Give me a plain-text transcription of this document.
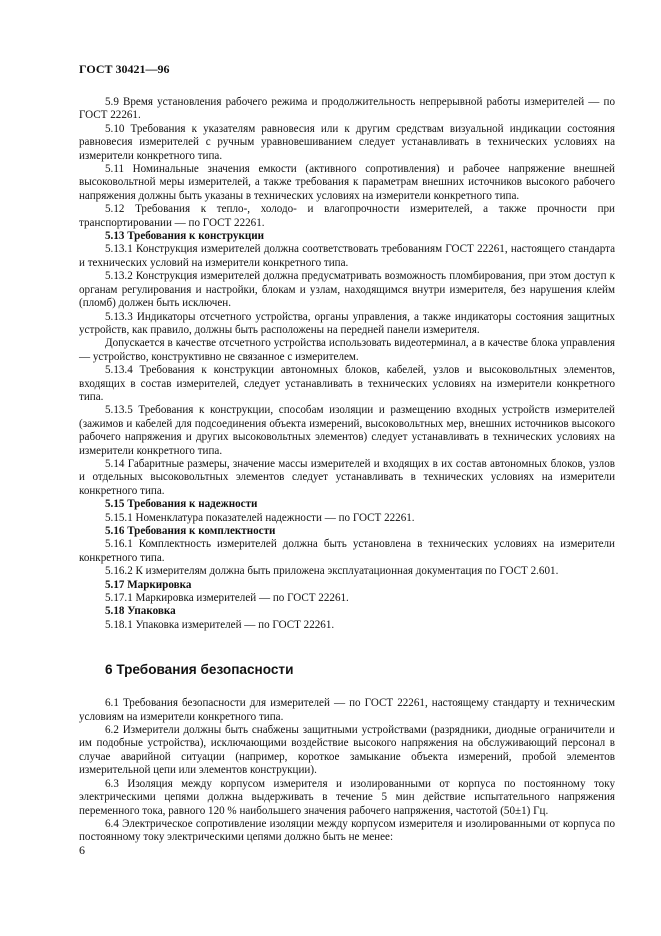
ГОСТ 30421—96

5.9 Время установления рабочего режима и продолжительность непрерывной работы измерителей — по ГОСТ 22261.

5.10 Требования к указателям равновесия или к другим средствам визуальной индикации состояния равновесия измерителей с ручным уравновешиванием следует устанавливать в технических условиях на измерители конкретного типа.

5.11 Номинальные значения емкости (активного сопротивления) и рабочее напряжение внешней высоковольтной меры измерителей, а также требования к параметрам внешних источников высокого рабочего напряжения должны быть указаны в технических условиях на измерители конкретного типа.

5.12 Требования к тепло-, холодо- и влагопрочности измерителей, а также прочности при транспортировании — по ГОСТ 22261.

5.13 Требования к конструкции

5.13.1 Конструкция измерителей должна соответствовать требованиям ГОСТ 22261, настоящего стандарта и технических условий на измерители конкретного типа.

5.13.2 Конструкция измерителей должна предусматривать возможность пломбирования, при этом доступ к органам регулирования и настройки, блокам и узлам, находящимся внутри измерителя, без нарушения клейм (пломб) должен быть исключен.

5.13.3 Индикаторы отсчетного устройства, органы управления, а также индикаторы состояния защитных устройств, как правило, должны быть расположены на передней панели измерителя.

Допускается в качестве отсчетного устройства использовать видеотерминал, а в качестве блока управления — устройство, конструктивно не связанное с измерителем.

5.13.4 Требования к конструкции автономных блоков, кабелей, узлов и высоковольтных элементов, входящих в состав измерителей, следует устанавливать в технических условиях на измерители конкретного типа.

5.13.5 Требования к конструкции, способам изоляции и размещению входных устройств измерителей (зажимов и кабелей для подсоединения объекта измерений, высоковольтных мер, внешних источников высокого рабочего напряжения и других высоковольтных элементов) следует устанавливать в технических условиях на измерители конкретного типа.

5.14 Габаритные размеры, значение массы измерителей и входящих в их состав автономных блоков, узлов и отдельных высоковольтных элементов следует устанавливать в технических условиях на измерители конкретного типа.

5.15 Требования к надежности

5.15.1 Номенклатура показателей надежности — по ГОСТ 22261.

5.16 Требования к комплектности

5.16.1 Комплектность измерителей должна быть установлена в технических условиях на измерители конкретного типа.

5.16.2 К измерителям должна быть приложена эксплуатационная документация по ГОСТ 2.601.

5.17 Маркировка

5.17.1 Маркировка измерителей — по ГОСТ 22261.

5.18 Упаковка

5.18.1 Упаковка измерителей — по ГОСТ 22261.

6 Требования безопасности

6.1 Требования безопасности для измерителей — по ГОСТ 22261, настоящему стандарту и техническим условиям на измерители конкретного типа.

6.2 Измерители должны быть снабжены защитными устройствами (разрядники, диодные ограничители и им подобные устройства), исключающими воздействие высокого напряжения на обслуживающий персонал в случае аварийной ситуации (например, короткое замыкание объекта измерений, пробой элементов измерительной цепи или элементов конструкции).

6.3 Изоляция между корпусом измерителя и изолированными от корпуса по постоянному току электрическими цепями должна выдерживать в течение 5 мин действие испытательного напряжения переменного тока, равного 120 % наибольшего значения рабочего напряжения, частотой (50±1) Гц.

6.4 Электрическое сопротивление изоляции между корпусом измерителя и изолированными от корпуса по постоянному току электрическими цепями должно быть не менее:

6
